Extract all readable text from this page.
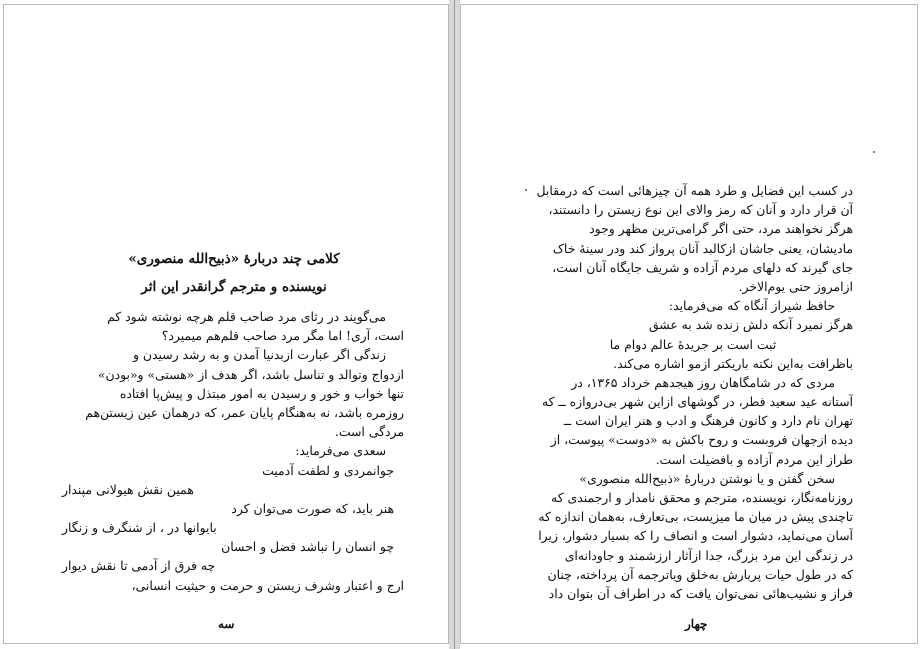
کلامی چند دربارهٔ «ذبیح‌الله منصوری»
نویسنده و مترجم گرانقدر این اثر
می‌گویند در رثای مرد صاحب قلم هرچه نوشته شود کم
است، آری! اما مگر مرد صاحب قلم‌هم میمیرد؟
زندگی اگر عبارت ازبدنیا آمدن و به رشد رسیدن و
ازدواج وتوالد و تناسل باشد، اگر هدف از «هستی» و«بودن»
تنها خواب و خور و رسیدن به امور مبتذل و پیش‌پا افتاده
روزمره باشد، نه به‌هنگام پایان عمر، که درهمان عین زیستن‌هم
مردگی است.
سعدی می‌فرماید:
جوانمردی و لطفت آدمیت
همین نقش هیولانی مپندار
هنر باید، که صورت می‌توان کرد
بایوانها در ، از شنگرف و زنگار
چو انسان را نباشد فضل و احسان
چه فرق از آدمی تا نقش دیوار
ارج و اعتبار وشرف زیستن و حرمت و حیثیت انسانی،
سه
در کسب این فضایل و طرد همه آن چیزهائی است که درمقابل
آن قرار دارد و آنان که رمز والای این نوع زیستن را دانستند،
هرگز نخواهند مرد، حتی اگر گرامی‌ترین مظهر وجود
مادیشان، یعنی جاشان ازکالبد آنان پرواز کند ودر سینهٔ خاک
جای گیرند که دلهای مردم آزاده و شریف جایگاه آنان است،
ازامروز حتی یوم‌الاخر.
حافظ شیراز آنگاه که می‌فرماید:
هرگز نمیرد آنکه دلش زنده شد به عشق
ثبت است بر جریدهٔ عالم دوام ما
باظرافت به‌این نکته باریکتر ازمو اشاره می‌کند.
مردی که در شامگاهان روز هیجدهم خرداد ۱۳۶۵، در
آستانه عید سعید فطر، در گوشهای ازاین شهر بی‌دروازه ــ که
تهران نام دارد و کانون فرهنگ و ادب و هنر ایران است ــ
دیده ازجهان فروبست و روح باکش به «دوست» پیوست، از
طراز این مردم آزاده و بافضیلت است.
سخن گفتن و یا نوشتن دربارهٔ «ذبیح‌الله منصوری»
روزنامه‌نگار، نویسنده، مترجم و محقق نامدار و ارجمندی که
تاچندی پیش در میان ما میزیست، بی‌تعارف، به‌همان اندازه که
آسان می‌نماید، دشوار است و انصاف را که بسیار دشوار، زیرا
در زندگی این مرد بزرگ، جدا ازآثار ارزشمند و جاودانه‌ای
که در طول حیات پربارش به‌خلق ویاترجمه آن پرداخته، چنان
فراز و نشیب‌هائی نمی‌توان یافت که در اطراف آن بتوان داد
چهار
